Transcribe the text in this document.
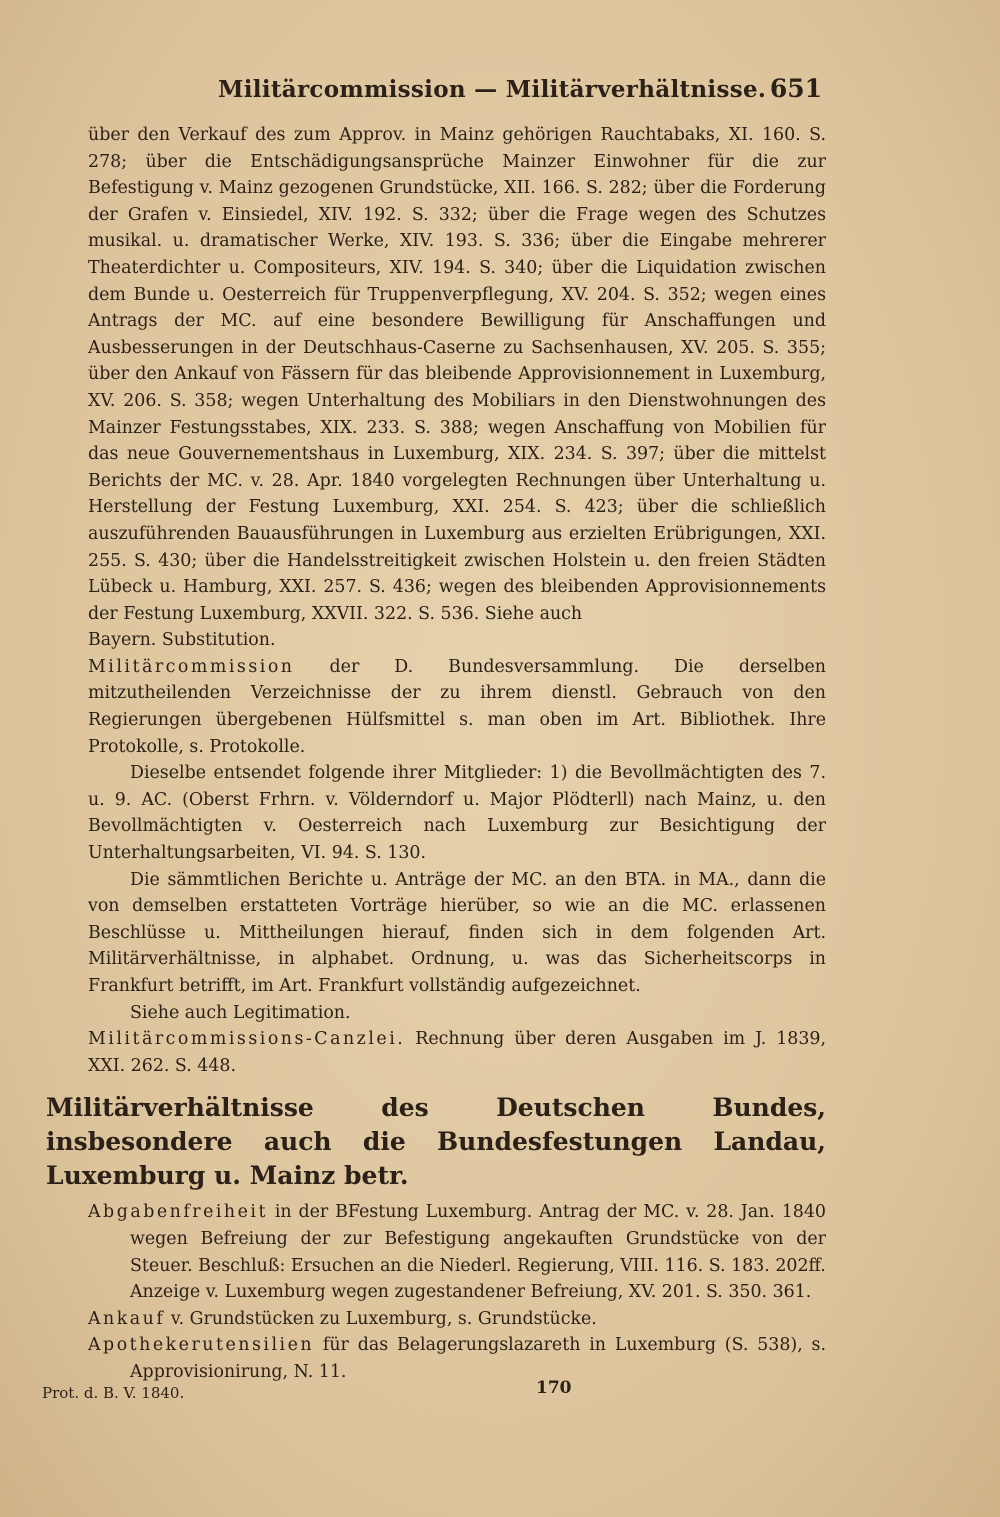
Militärcommission — Militärverhältnisse. 651

über den Verkauf des zum Approv. in Mainz gehörigen Rauchtabaks, XI. 160. S. 278; über die Entschädigungsansprüche Mainzer Einwohner für die zur Befestigung v. Mainz gezogenen Grundstücke, XII. 166. S. 282; über die Forderung der Grafen v. Einsiedel, XIV. 192. S. 332; über die Frage wegen des Schutzes musikal. u. dramatischer Werke, XIV. 193. S. 336; über die Eingabe mehrerer Theaterdichter u. Compositeurs, XIV. 194. S. 340; über die Liquidation zwischen dem Bunde u. Oesterreich für Truppenverpflegung, XV. 204. S. 352; wegen eines Antrags der MC. auf eine besondere Bewilligung für Anschaffungen und Ausbesserungen in der Deutschhaus-Caserne zu Sachsenhausen, XV. 205. S. 355; über den Ankauf von Fässern für das bleibende Approvisionnement in Luxemburg, XV. 206. S. 358; wegen Unterhaltung des Mobiliars in den Dienstwohnungen des Mainzer Festungsstabes, XIX. 233. S. 388; wegen Anschaffung von Mobilien für das neue Gouvernementshaus in Luxemburg, XIX. 234. S. 397; über die mittelst Berichts der MC. v. 28. Apr. 1840 vorgelegten Rechnungen über Unterhaltung u. Herstellung der Festung Luxemburg, XXI. 254. S. 423; über die schließlich auszuführenden Bauausführungen in Luxemburg aus erzielten Erübrigungen, XXI. 255. S. 430; über die Handelsstreitigkeit zwischen Holstein u. den freien Städten Lübeck u. Hamburg, XXI. 257. S. 436; wegen des bleibenden Approvisionnements der Festung Luxemburg, XXVII. 322. S. 536. Siehe auch

Bayern. Substitution.

Militärcommission der D. Bundesversammlung. Die derselben mitzutheilenden Verzeichnisse der zu ihrem dienstl. Gebrauch von den Regierungen übergebenen Hülfsmittel s. man oben im Art. Bibliothek. Ihre Protokolle, s. Protokolle.

Dieselbe entsendet folgende ihrer Mitglieder: 1) die Bevollmächtigten des 7. u. 9. AC. (Oberst Frhrn. v. Völderndorf u. Major Plödterll) nach Mainz, u. den Bevollmächtigten v. Oesterreich nach Luxemburg zur Besichtigung der Unterhaltungsarbeiten, VI. 94. S. 130.

Die sämmtlichen Berichte u. Anträge der MC. an den BTA. in MA., dann die von demselben erstatteten Vorträge hierüber, so wie an die MC. erlassenen Beschlüsse u. Mittheilungen hierauf, finden sich in dem folgenden Art. Militärverhältnisse, in alphabet. Ordnung, u. was das Sicherheitscorps in Frankfurt betrifft, im Art. Frankfurt vollständig aufgezeichnet.

Siehe auch Legitimation.

Militärcommissions-Canzlei. Rechnung über deren Ausgaben im J. 1839, XXI. 262. S. 448.

Militärverhältnisse des Deutschen Bundes, insbesondere auch die Bundesfestungen Landau, Luxemburg u. Mainz betr.

Abgabenfreiheit in der BFestung Luxemburg. Antrag der MC. v. 28. Jan. 1840 wegen Befreiung der zur Befestigung angekauften Grundstücke von der Steuer. Beschluß: Ersuchen an die Niederl. Regierung, VIII. 116. S. 183. 202ff.

Anzeige v. Luxemburg wegen zugestandener Befreiung, XV. 201. S. 350. 361.

Ankauf v. Grundstücken zu Luxemburg, s. Grundstücke.

Apothekerutensilien für das Belagerungslazareth in Luxemburg (S. 538), s. Approvisionirung, N. 11.

Prot. d. B. V. 1840.	170
